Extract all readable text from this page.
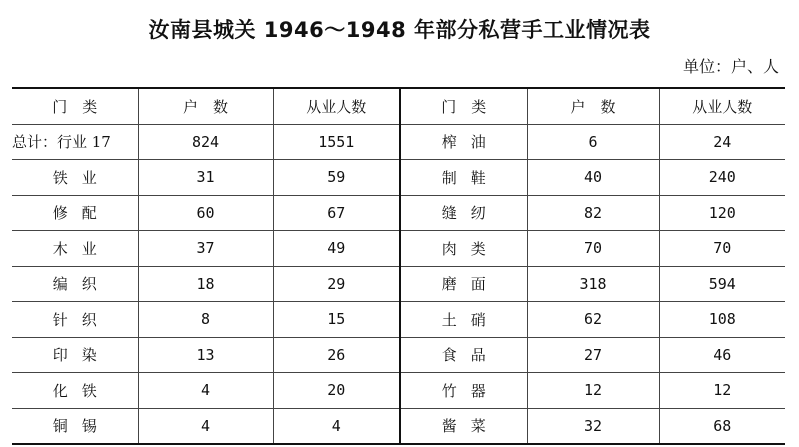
汝南县城关 1946～1948 年部分私营手工业情况表
单位：户、人
门　类	户　数	从业人数	门　类	户　数	从业人数
总计：行业 17	824	1551	榨油	6	24
铁业	31	59	制鞋	40	240
修配	60	67	缝纫	82	120
木业	37	49	肉类	70	70
编织	18	29	磨面	318	594
针织	8	15	土硝	62	108
印染	13	26	食品	27	46
化铁	4	20	竹器	12	12
铜锡	4	4	酱菜	32	68
